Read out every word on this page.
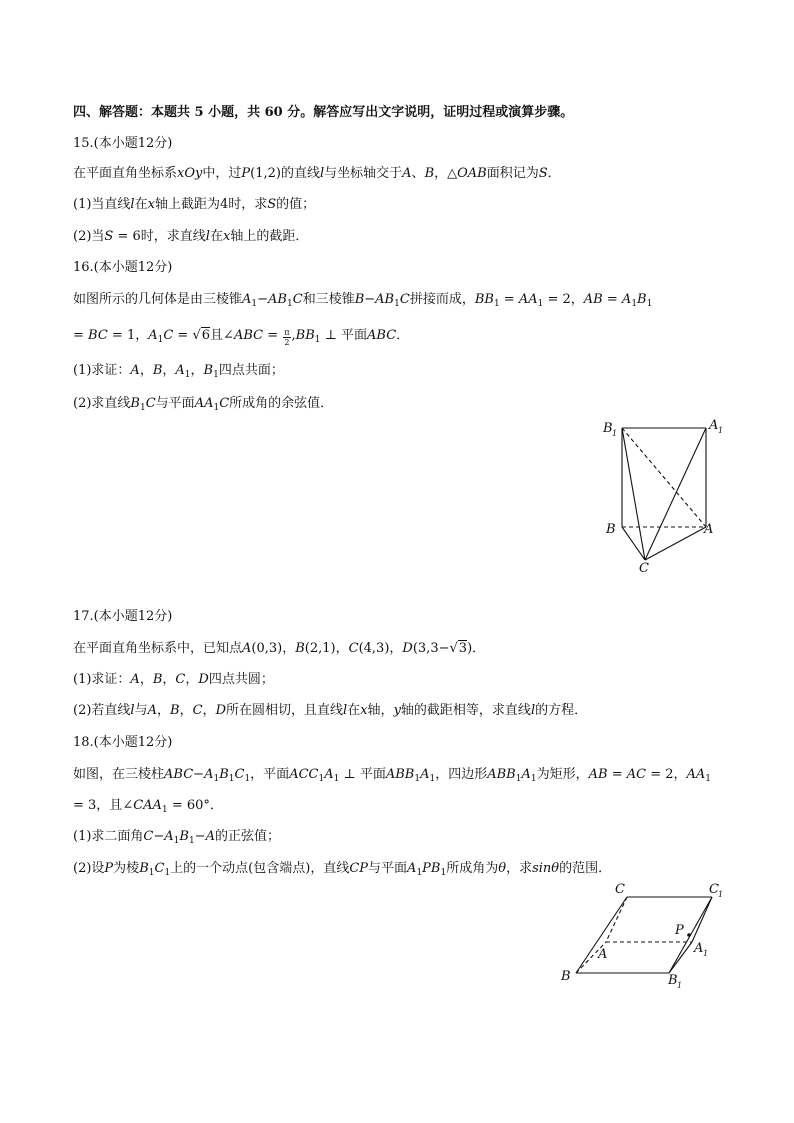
四、解答题：本题共 5 小题，共 60 分。解答应写出文字说明，证明过程或演算步骤。
15.(本小题12分)
在平面直角坐标系xOy中，过P(1,2)的直线l与坐标轴交于A、B，△OAB面积记为S．
(1)当直线l在x轴上截距为4时，求S的值；
(2)当S = 6时，求直线l在x轴上的截距．
16.(本小题12分)
如图所示的几何体是由三棱锥$A_1-AB_1C$和三棱锥$B-AB_1C$拼接而成，$BB_1 = AA_1 = 2$，AB = $A_1B_1$
= BC = 1，$A_1C = √6$且∠ABC = $\frac{\pi}{2} ,BB_1$ ⊥ 平面ABC．
(1)求证：A，B，$A_1$，$B_1$四点共面；
(2)求直线$B_1C$与平面$AA_1C$所成角的余弦值．
B 1
A 1
B	A
C
17.(本小题12分)
在平面直角坐标系中，已知点A(0,3)，B(2,1)，C(4,3)，D(3,3−√3)．
(1)求证：A，B，C，D四点共圆；
(2)若直线l与A，B，C，D所在圆相切，且直线l在x轴，y轴的截距相等，求直线l的方程．
18.(本小题12分)
如图，在三棱柱$ABC-A_1B_1C_1$，平面$ACC_1A_1$ ⊥ 平面$ABB_1A_1$，四边形$ABB_1A_1$为矩形，AB = AC = 2，$AA_1$
= 3，且$\angle CAA_1 = 60^\circ$．
(1)求二面角$C-A_1B_1-A$的正弦值；
(2)设P为棱$B_1C_1$上的一个动点(包含端点)，直线CP与平面$A_1PB_1$所成角为θ，求sinθ的范围．
C	C 1
P
A	A 1
B	B 1
